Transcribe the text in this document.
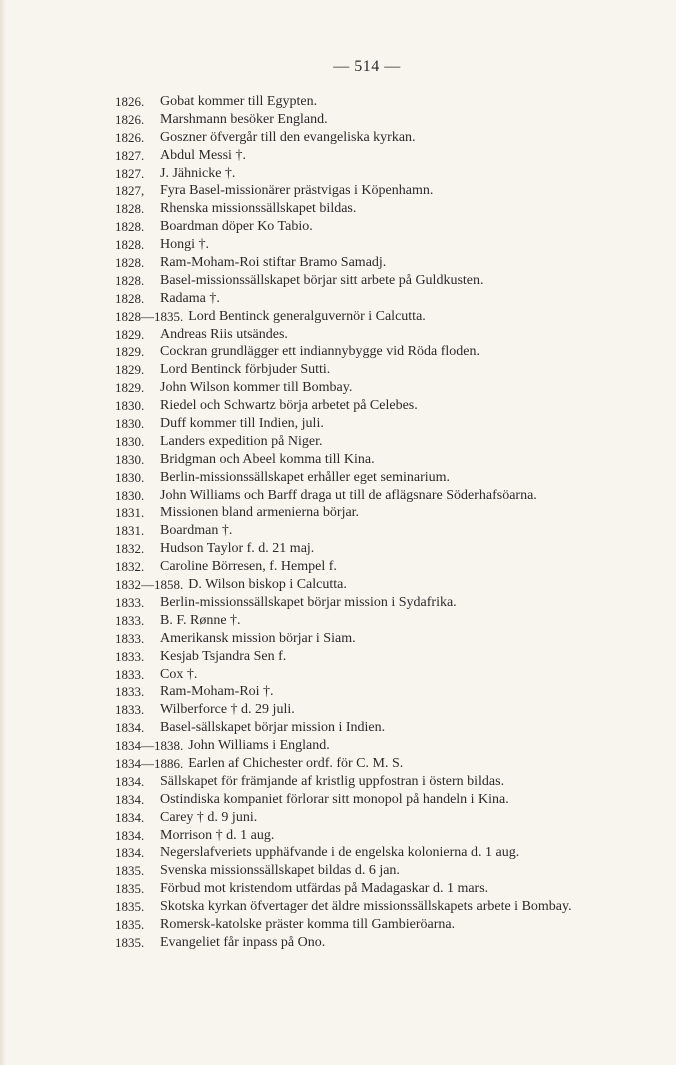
— 514 —
1826.	Gobat kommer till Egypten.
1826.	Marshmann besöker England.
1826.	Goszner öfvergår till den evangeliska kyrkan.
1827.	Abdul Messi †.
1827.	J. Jähnicke †.
1827,	Fyra Basel-missionärer prästvigas i Köpenhamn.
1828.	Rhenska missionssällskapet bildas.
1828.	Boardman döper Ko Tabio.
1828.	Hongi †.
1828.	Ram-Moham-Roi stiftar Bramo Samadj.
1828.	Basel-missionssällskapet börjar sitt arbete på Guldkusten.
1828.	Radama †.
1828—1835. Lord Bentinck generalguvernör i Calcutta.
1829.	Andreas Riis utsändes.
1829.	Cockran grundlägger ett indiannybygge vid Röda floden.
1829.	Lord Bentinck förbjuder Sutti.
1829.	John Wilson kommer till Bombay.
1830.	Riedel och Schwartz börja arbetet på Celebes.
1830.	Duff kommer till Indien, juli.
1830.	Landers expedition på Niger.
1830.	Bridgman och Abeel komma till Kina.
1830.	Berlin-missionssällskapet erhåller eget seminarium.
1830.	John Williams och Barff draga ut till de aflägsnare Söderhafsöarna.
1831.	Missionen bland armenierna börjar.
1831.	Boardman †.
1832.	Hudson Taylor f. d. 21 maj.
1832.	Caroline Börresen, f. Hempel f.
1832—1858. D. Wilson biskop i Calcutta.
1833.	Berlin-missionssällskapet börjar mission i Sydafrika.
1833.	B. F. Rønne †.
1833.	Amerikansk mission börjar i Siam.
1833.	Kesjab Tsjandra Sen f.
1833.	Cox †.
1833.	Ram-Moham-Roi †.
1833.	Wilberforce † d. 29 juli.
1834.	Basel-sällskapet börjar mission i Indien.
1834—1838. John Williams i England.
1834—1886. Earlen af Chichester ordf. för C. M. S.
1834.	Sällskapet för främjande af kristlig uppfostran i östern bildas.
1834.	Ostindiska kompaniet förlorar sitt monopol på handeln i Kina.
1834.	Carey † d. 9 juni.
1834.	Morrison † d. 1 aug.
1834.	Negerslafveriets upphäfvande i de engelska kolonierna d. 1 aug.
1835.	Svenska missionssällskapet bildas d. 6 jan.
1835.	Förbud mot kristendom utfärdas på Madagaskar d. 1 mars.
1835.	Skotska kyrkan öfvertager det äldre missionssällskapets arbete i Bombay.
1835.	Romersk-katolske präster komma till Gambieröarna.
1835.	Evangeliet får inpass på Ono.
